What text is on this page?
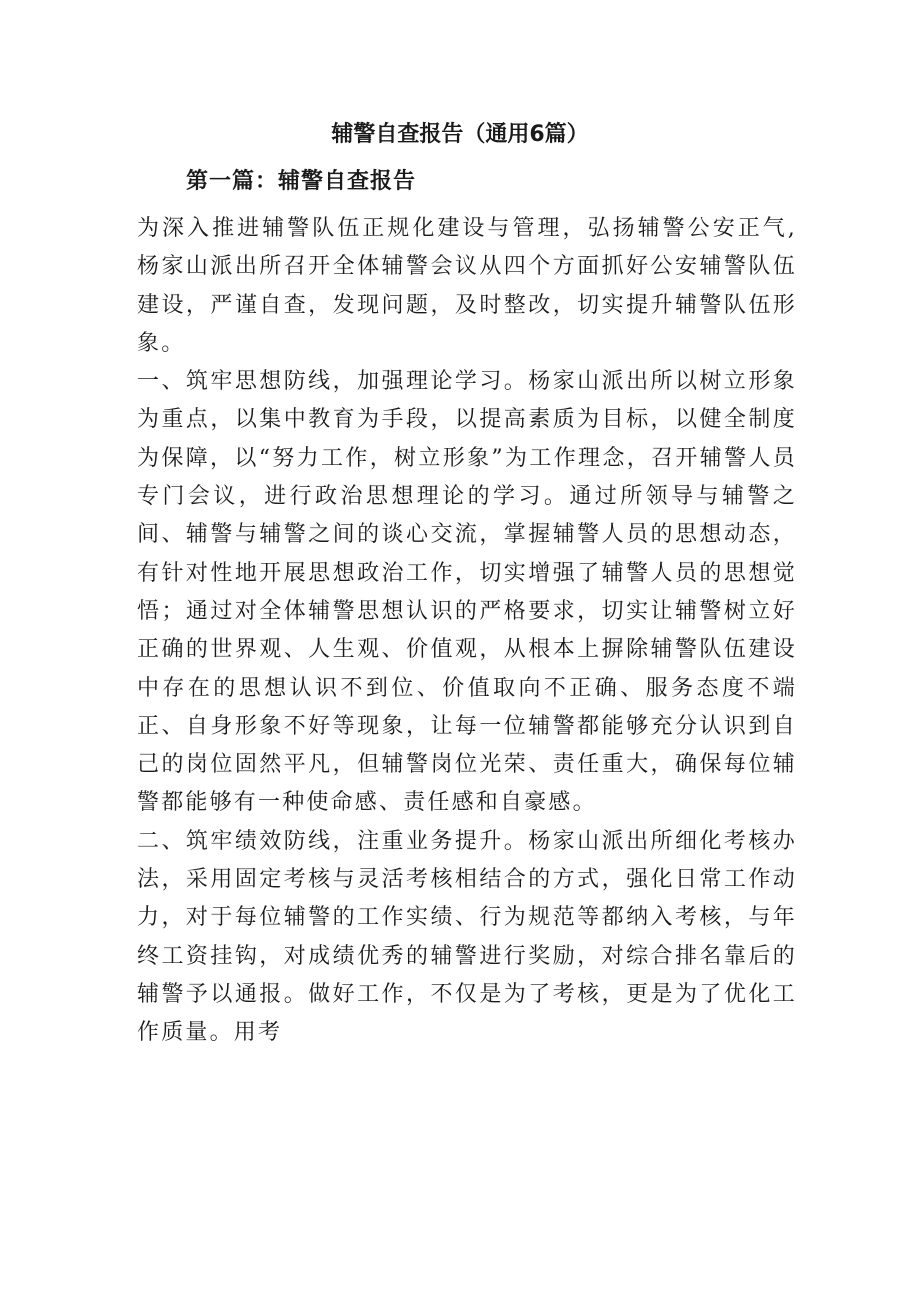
辅警自查报告（通用6篇）
第一篇：辅警自查报告

为深入推进辅警队伍正规化建设与管理，弘扬辅警公安正气,杨家山派出所召开全体辅警会议从四个方面抓好公安辅警队伍建设，严谨自查，发现问题，及时整改，切实提升辅警队伍形象。

一、筑牢思想防线，加强理论学习。杨家山派出所以树立形象为重点，以集中教育为手段，以提高素质为目标，以健全制度为保障，以“努力工作，树立形象”为工作理念，召开辅警人员专门会议，进行政治思想理论的学习。通过所领导与辅警之间、辅警与辅警之间的谈心交流，掌握辅警人员的思想动态，有针对性地开展思想政治工作，切实增强了辅警人员的思想觉悟；通过对全体辅警思想认识的严格要求，切实让辅警树立好正确的世界观、人生观、价值观，从根本上摒除辅警队伍建设中存在的思想认识不到位、价值取向不正确、服务态度不端正、自身形象不好等现象，让每一位辅警都能够充分认识到自己的岗位固然平凡，但辅警岗位光荣、责任重大，确保每位辅警都能够有一种使命感、责任感和自豪感。

二、筑牢绩效防线，注重业务提升。杨家山派出所细化考核办法，采用固定考核与灵活考核相结合的方式，强化日常工作动力，对于每位辅警的工作实绩、行为规范等都纳入考核，与年终工资挂钩，对成绩优秀的辅警进行奖励，对综合排名靠后的辅警予以通报。做好工作，不仅是为了考核，更是为了优化工作质量。用考
